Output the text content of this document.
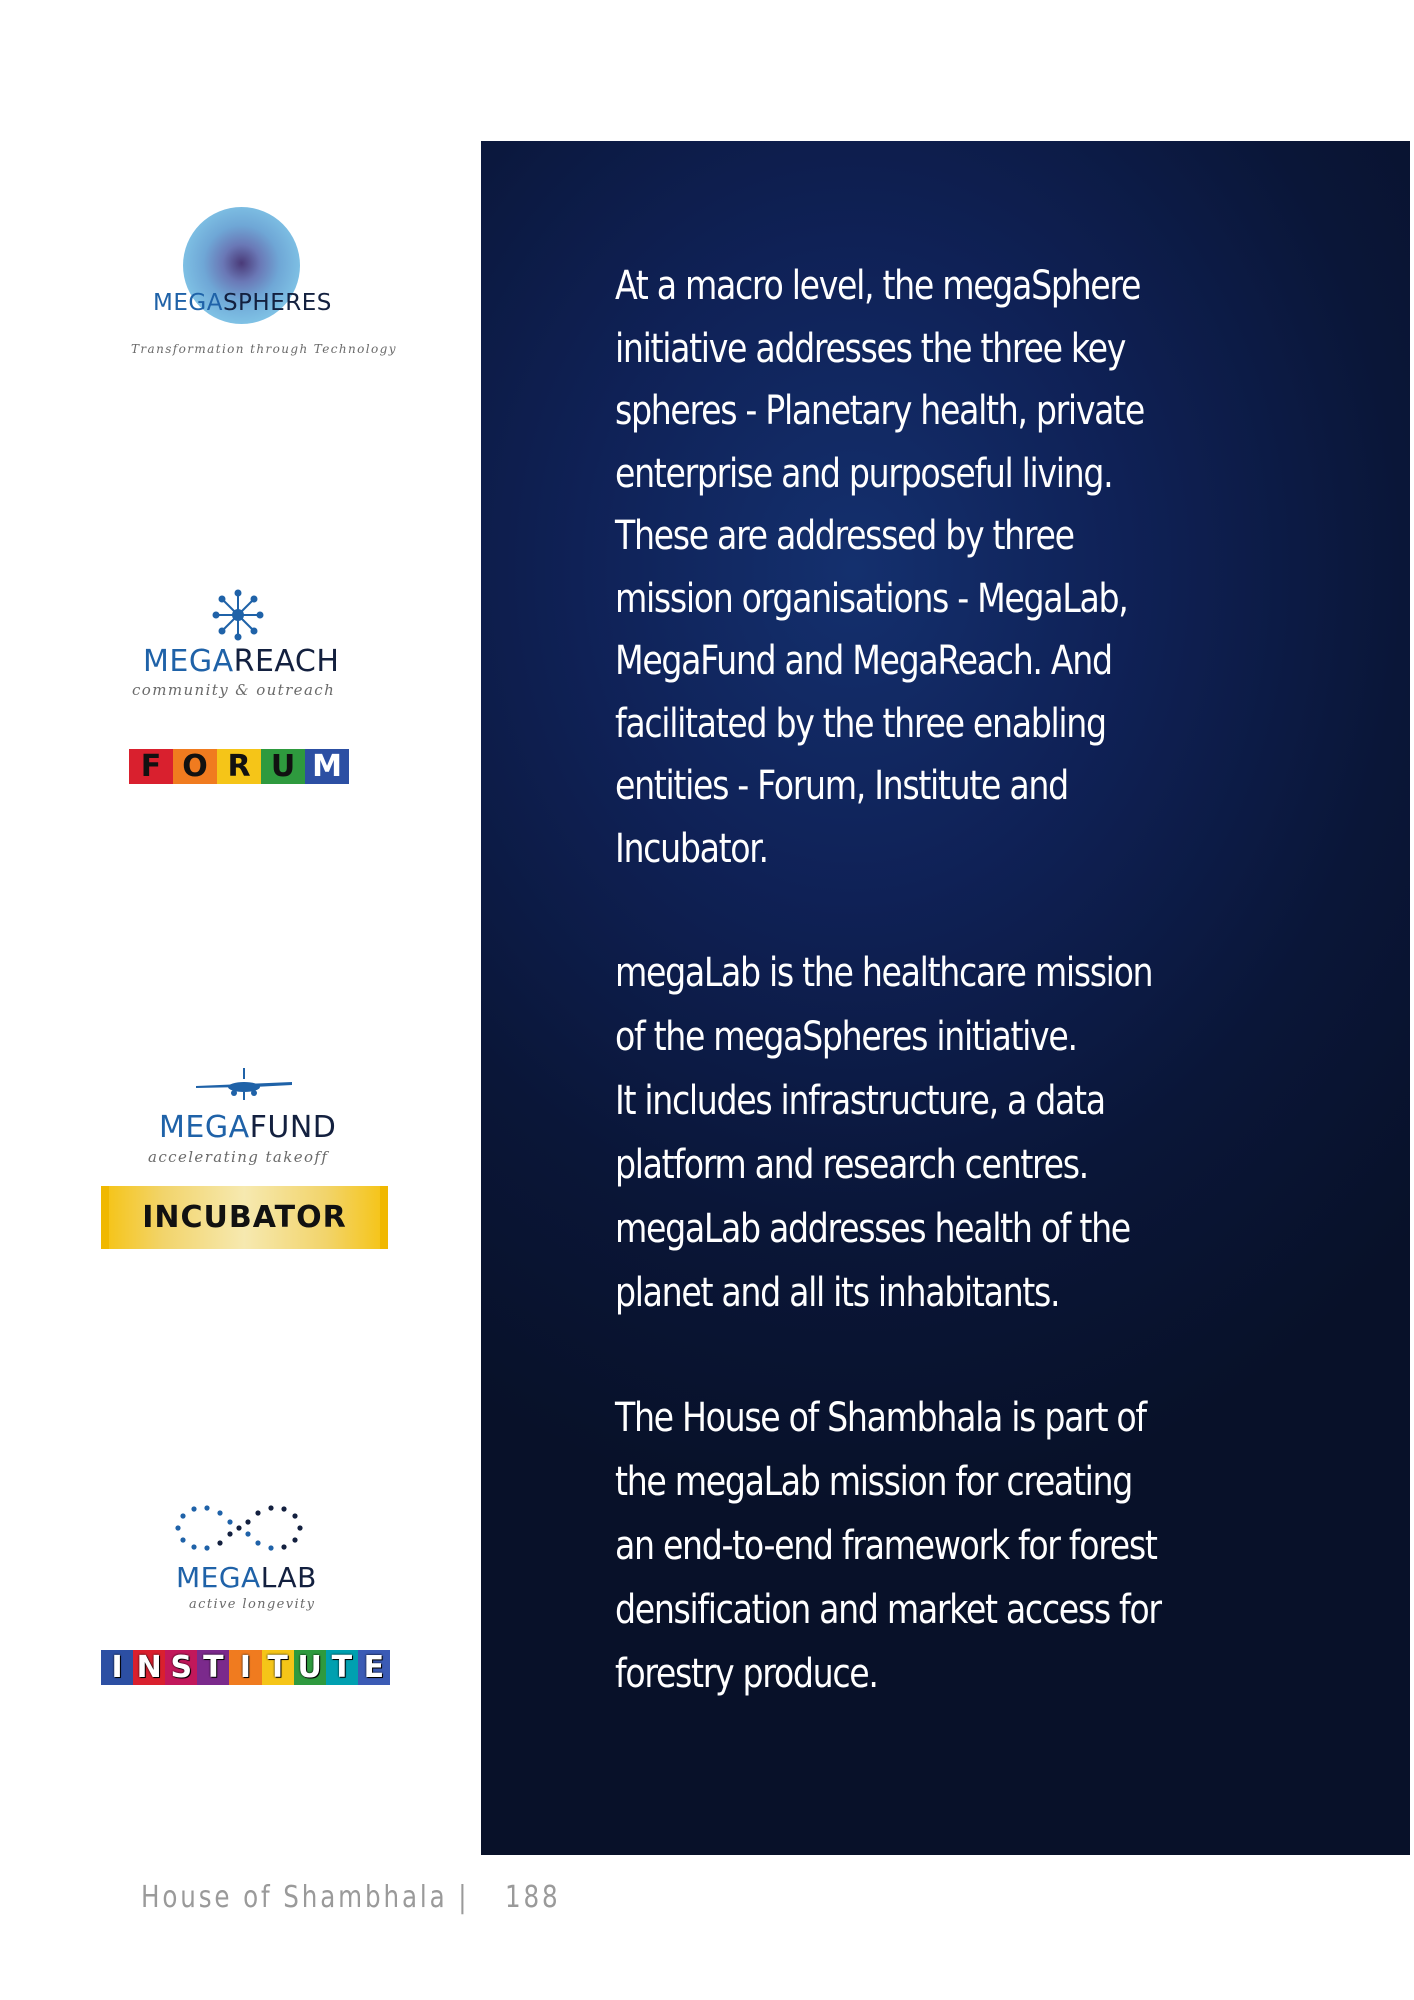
MEGASPHERES
Transformation through Technology
MEGAREACH
community & outreach
F O R U M
MEGAFUND
accelerating takeoff
INCUBATOR
MEGALAB
active longevity
I N S T I T U T E

At a macro level, the megaSphere
initiative addresses the three key
spheres - Planetary health, private
enterprise and purposeful living.
These are addressed by three
mission organisations - MegaLab,
MegaFund and MegaReach. And
facilitated by the three enabling
entities - Forum, Institute and
Incubator.

megaLab is the healthcare mission
of the megaSpheres initiative.
It includes infrastructure, a data
platform and research centres.
megaLab addresses health of the
planet and all its inhabitants.

The House of Shambhala is part of
the megaLab mission for creating
an end-to-end framework for forest
densification and market access for
forestry produce.

House of Shambhala | 188
